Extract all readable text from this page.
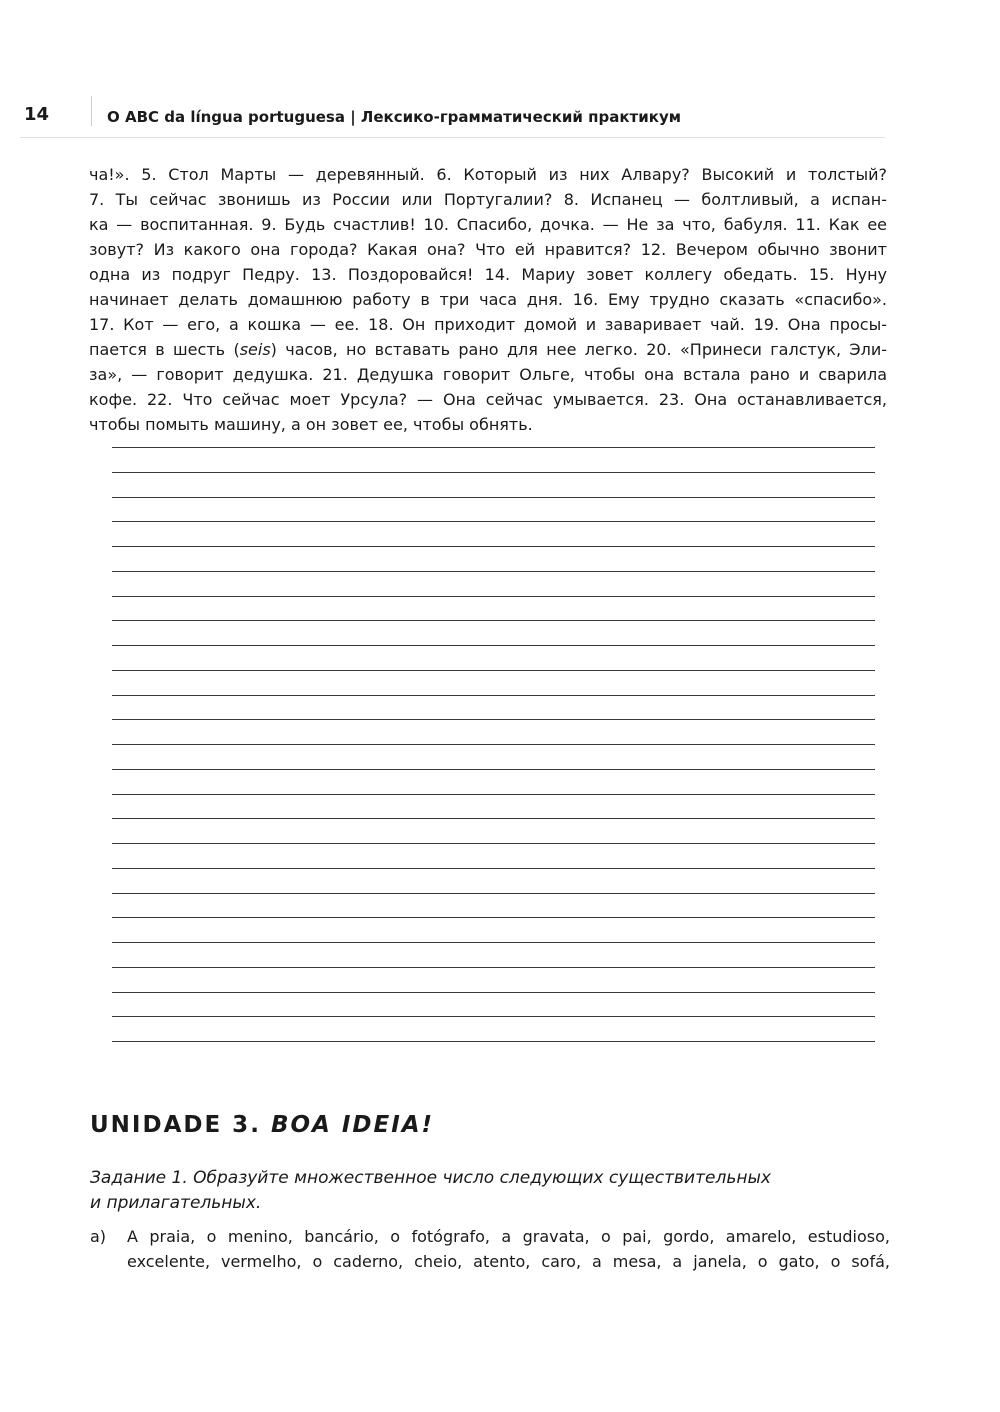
14	O ABC da língua portuguesa | Лексико-грамматический практикум
ча!». 5. Стол Марты — деревянный. 6. Который из них Алвару? Высокий и толстый?
7. Ты сейчас звонишь из России или Португалии? 8. Испанец — болтливый, а испан-
ка — воспитанная. 9. Будь счастлив! 10. Спасибо, дочка. — Не за что, бабуля. 11. Как ее
зовут? Из какого она города? Какая она? Что ей нравится? 12. Вечером обычно звонит
одна из подруг Педру. 13. Поздоровайся! 14. Мариу зовет коллегу обедать. 15. Нуну
начинает делать домашнюю работу в три часа дня. 16. Ему трудно сказать «спасибо».
17. Кот — его, а кошка — ее. 18. Он приходит домой и заваривает чай. 19. Она просы-
пается в шесть (seis) часов, но вставать рано для нее легко. 20. «Принеси галстук, Эли-
за», — говорит дедушка. 21. Дедушка говорит Ольге, чтобы она встала рано и сварила
кофе. 22. Что сейчас моет Урсула? — Она сейчас умывается. 23. Она останавливается,
чтобы помыть машину, а он зовет ее, чтобы обнять.
UNIDADE 3. BOA IDEIA!
Задание 1. Образуйте множественное число следующих существительных
и прилагательных.
a) A praia, o menino, bancário, o fotógrafo, a gravata, o pai, gordo, amarelo, estudioso,
excelente, vermelho, o caderno, cheio, atento, caro, a mesa, a janela, o gato, o sofá,
